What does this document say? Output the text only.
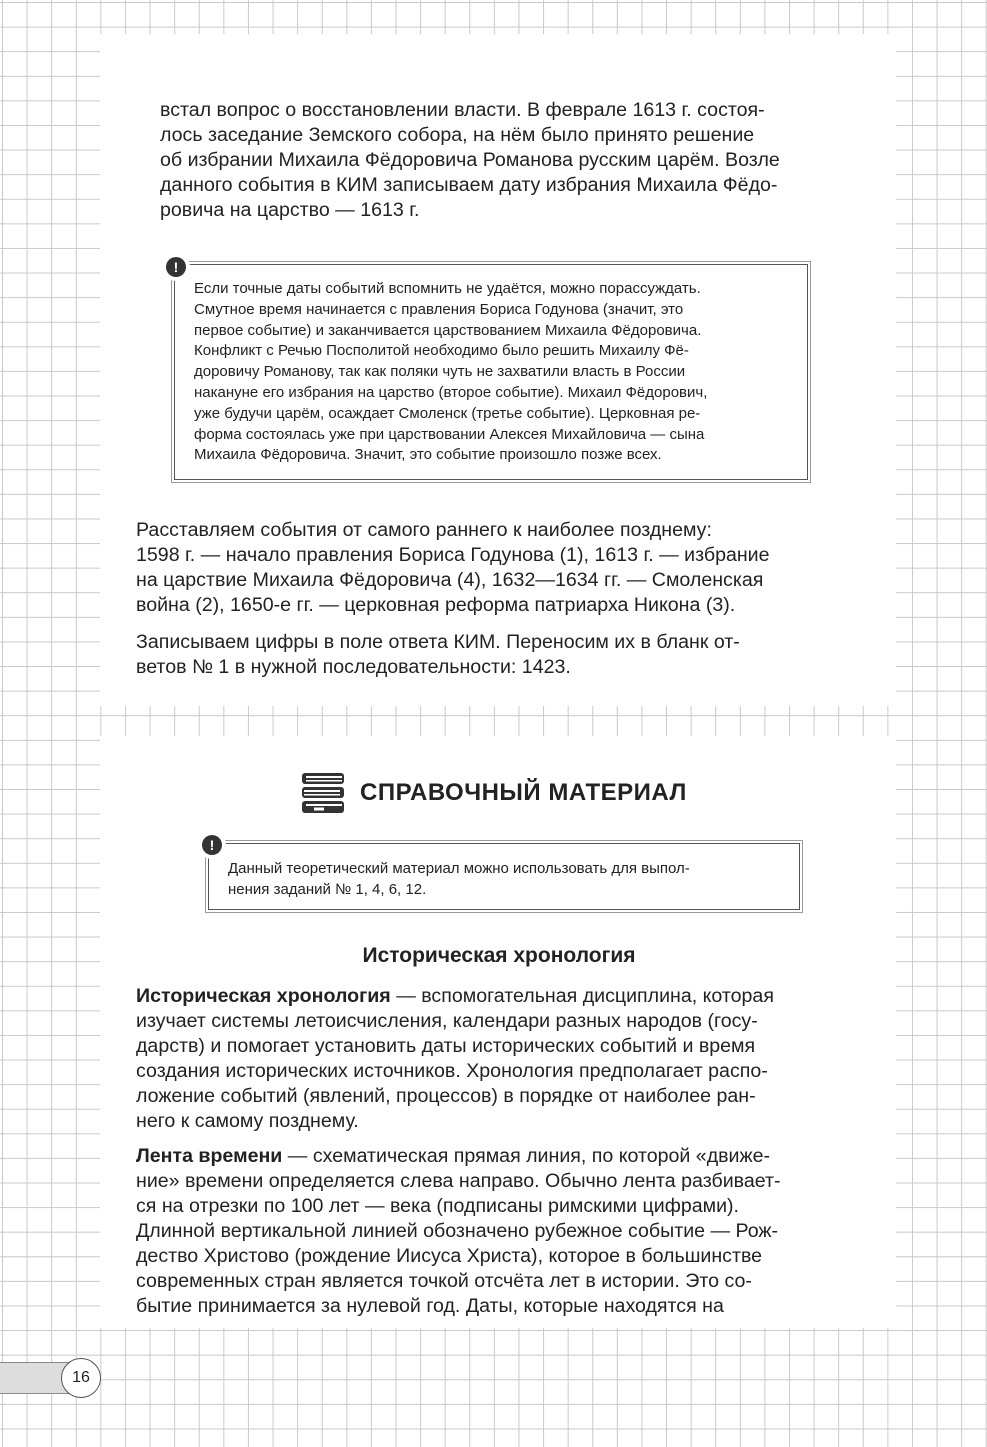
встал вопрос о восстановлении власти. В феврале 1613 г. состоя-

лось заседание Земского собора, на нём было принято решение

об избрании Михаила Фёдоровича Романова русским царём. Возле

данного события в КИМ записываем дату избрания Михаила Фёдо-

ровича на царство — 1613 г.

Если точные даты событий вспомнить не удаётся, можно порассуждать.

Смутное время начинается с правления Бориса Годунова (значит, это

первое событие) и заканчивается царствованием Михаила Фёдоровича.

Конфликт с Речью Посполитой необходимо было решить Михаилу Фё-

доровичу Романову, так как поляки чуть не захватили власть в России

накануне его избрания на царство (второе событие). Михаил Фёдорович,

уже будучи царём, осаждает Смоленск (третье событие). Церковная ре-

форма состоялась уже при царствовании Алексея Михайловича — сына

Михаила Фёдоровича. Значит, это событие произошло позже всех.

!

Расставляем события от самого раннего к наиболее позднему:

1598 г. — начало правления Бориса Годунова (1), 1613 г. — избрание

на царствие Михаила Фёдоровича (4), 1632—1634 гг. — Смоленская

война (2), 1650-е гг. — церковная реформа патриарха Никона (3).

Записываем цифры в поле ответа КИМ. Переносим их в бланк от-

ветов № 1 в нужной последовательности: 1423.

СПРАВОЧНЫЙ МАТЕРИАЛ

Данный теоретический материал можно использовать для выпол-

нения заданий № 1, 4, 6, 12.

!
Историческая хронология

Историческая хронология — вспомогательная дисциплина, которая

изучает системы летоисчисления, календари разных народов (госу-

дарств) и помогает установить даты исторических событий и время

создания исторических источников. Хронология предполагает распо-

ложение событий (явлений, процессов) в порядке от наиболее ран-

него к самому позднему.

Лента времени — схематическая прямая линия, по которой «движе-

ние» времени определяется слева направо. Обычно лента разбивает-

ся на отрезки по 100 лет — века (подписаны римскими цифрами).

Длинной вертикальной линией обозначено рубежное событие — Рож-

дество Христово (рождение Иисуса Христа), которое в большинстве

современных стран является точкой отсчёта лет в истории. Это со-

бытие принимается за нулевой год. Даты, которые находятся на

16
